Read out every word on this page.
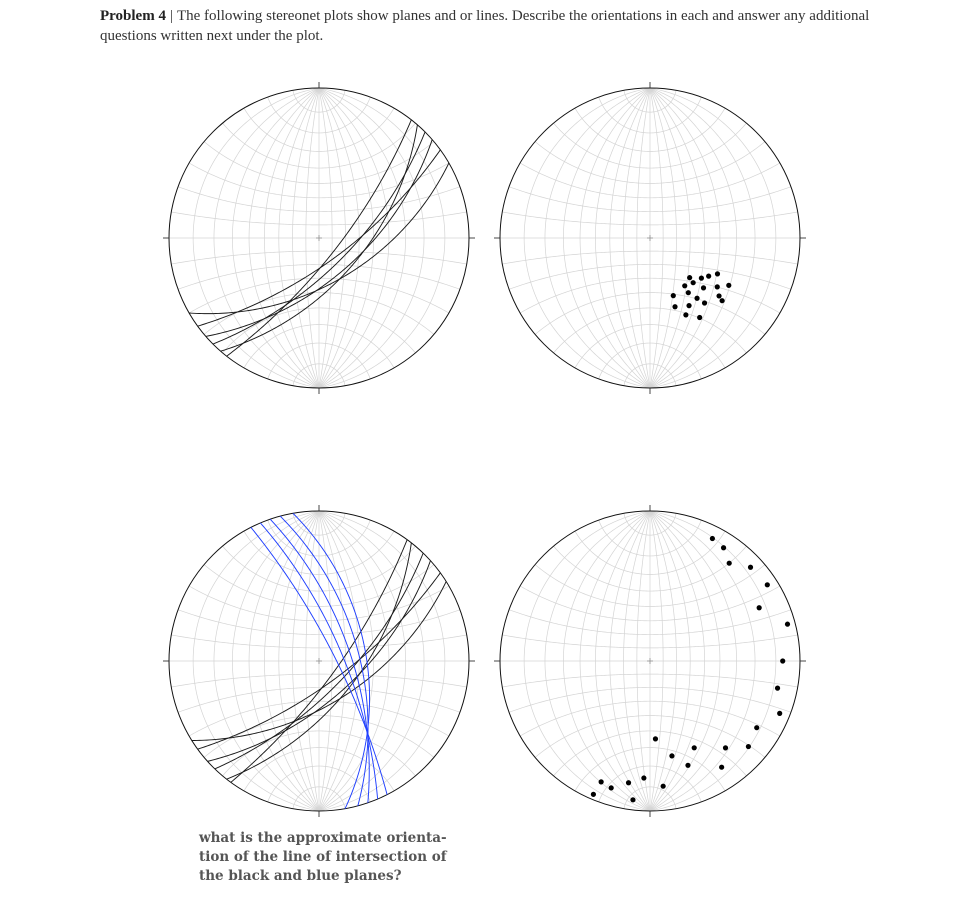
Problem 4 | The following stereonet plots show planes and or lines. Describe the orientations in each and answer any additional questions written next under the plot.
what is the approximate orienta-
tion of the line of intersection of
the black and blue planes?
